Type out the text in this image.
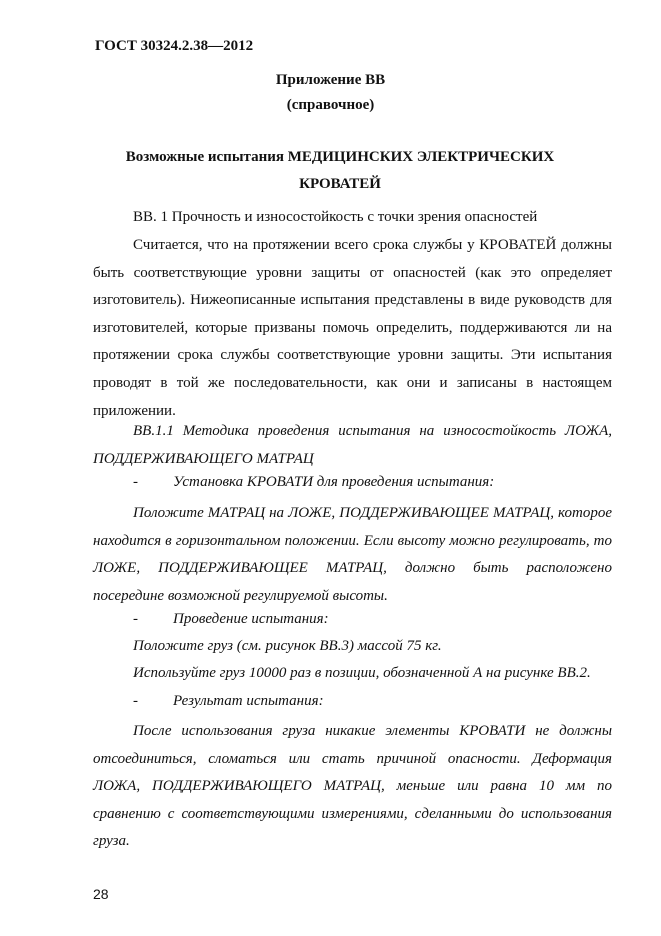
ГОСТ 30324.2.38—2012
Приложение ВВ
(справочное)
Возможные испытания МЕДИЦИНСКИХ ЭЛЕКТРИЧЕСКИХ
КРОВАТЕЙ
ВВ. 1 Прочность и износостойкость с точки зрения опасностей
Считается, что на протяжении всего срока службы у КРОВАТЕЙ должны быть соответствующие уровни защиты от опасностей (как это определяет изготовитель). Нижеописанные испытания представлены в виде руководств для изготовителей, которые призваны помочь определить, поддерживаются ли на протяжении срока службы соответствующие уровни защиты. Эти испытания проводят в той же последовательности, как они и записаны в настоящем приложении.
ВВ.1.1 Методика проведения испытания на износостойкость ЛОЖА, ПОДДЕРЖИВАЮЩЕГО МАТРАЦ
- Установка КРОВАТИ для проведения испытания:
Положите МАТРАЦ на ЛОЖЕ, ПОДДЕРЖИВАЮЩЕЕ МАТРАЦ, которое находится в горизонтальном положении. Если высоту можно регулировать, то ЛОЖЕ, ПОДДЕРЖИВАЮЩЕЕ МАТРАЦ, должно быть расположено посередине возможной регулируемой высоты.
- Проведение испытания:
Положите груз (см. рисунок ВВ.3) массой 75 кг.
Используйте груз 10000 раз в позиции, обозначенной А на рисунке ВВ.2.
- Результат испытания:
После использования груза никакие элементы КРОВАТИ не должны отсоединиться, сломаться или стать причиной опасности. Деформация ЛОЖА, ПОДДЕРЖИВАЮЩЕГО МАТРАЦ, меньше или равна 10 мм по сравнению с соответствующими измерениями, сделанными до использования груза.
28
